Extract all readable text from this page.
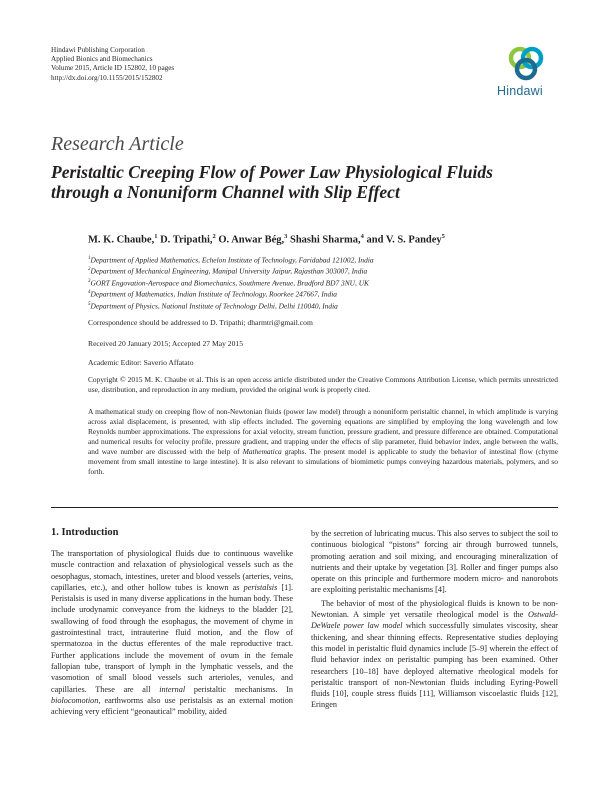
Hindawi Publishing Corporation
Applied Bionics and Biomechanics
Volume 2015, Article ID 152802, 10 pages
http://dx.doi.org/10.1155/2015/152802
Hindawi
Research Article
Peristaltic Creeping Flow of Power Law Physiological Fluids
through a Nonuniform Channel with Slip Effect
M. K. Chaube,$^1$ D. Tripathi,$^2$ O. Anwar Bég,$^3$ Shashi Sharma,$^4$ and V. S. Pandey$^5$
$^1$Department of Applied Mathematics, Echelon Institute of Technology, Faridabad 121002, India
$^2$Department of Mechanical Engineering, Manipal University Jaipur, Rajasthan 303007, India
$^3$GORT Engovation-Aerospace and Biomechanics, Southmere Avenue, Bradford BD7 3NU, UK
$^4$Department of Mathematics, Indian Institute of Technology, Roorkee 247667, India
$^5$Department of Physics, National Institute of Technology Delhi, Delhi 110040, India
Correspondence should be addressed to D. Tripathi; dharmtri@gmail.com
Received 20 January 2015; Accepted 27 May 2015
Academic Editor: Saverio Affatato
Copyright © 2015 M. K. Chaube et al. This is an open access article distributed under the Creative Commons Attribution License, which permits unrestricted use, distribution, and reproduction in any medium, provided the original work is properly cited.
A mathematical study on creeping flow of non-Newtonian fluids (power law model) through a nonuniform peristaltic channel, in which amplitude is varying across axial displacement, is presented, with slip effects included. The governing equations are simplified by employing the long wavelength and low Reynolds number approximations. The expressions for axial velocity, stream function, pressure gradient, and pressure difference are obtained. Computational and numerical results for velocity profile, pressure gradient, and trapping under the effects of slip parameter, fluid behavior index, angle between the walls, and wave number are discussed with the help of Mathematica graphs. The present model is applicable to study the behavior of intestinal flow (chyme movement from small intestine to large intestine). It is also relevant to simulations of biomimetic pumps conveying hazardous materials, polymers, and so forth.
1. Introduction

The transportation of physiological fluids due to continuous wavelike muscle contraction and relaxation of physiological vessels such as the oesophagus, stomach, intestines, ureter and blood vessels (arteries, veins, capillaries, etc.), and other hollow tubes is known as peristalsis [1]. Peristalsis is used in many diverse applications in the human body. These include urodynamic conveyance from the kidneys to the bladder [2], swallowing of food through the esophagus, the movement of chyme in gastrointestinal tract, intrauterine fluid motion, and the flow of spermatozoa in the ductus efferentes of the male reproductive tract. Further applications include the movement of ovum in the female fallopian tube, transport of lymph in the lymphatic vessels, and the vasomotion of small blood vessels such arterioles, venules, and capillaries. These are all internal peristaltic mechanisms. In biolocomotion, earthworms also use peristalsis as an external motion achieving very efficient “geonautical” mobility, aided

by the secretion of lubricating mucus. This also serves to subject the soil to continuous biological “pistons” forcing air through burrowed tunnels, promoting aeration and soil mixing, and encouraging mineralization of nutrients and their uptake by vegetation [3]. Roller and finger pumps also operate on this principle and furthermore modern micro- and nanorobots are exploiting peristaltic mechanisms [4].

The behavior of most of the physiological fluids is known to be non-Newtonian. A simple yet versatile rheological model is the Ostwald-DeWaele power law model which successfully simulates viscosity, shear thickening, and shear thinning effects. Representative studies deploying this model in peristaltic fluid dynamics include [5–9] wherein the effect of fluid behavior index on peristaltic pumping has been examined. Other researchers [10–18] have deployed alternative rheological models for peristaltic transport of non-Newtonian fluids including Eyring-Powell fluids [10], couple stress fluids [11], Williamson viscoelastic fluids [12], Eringen
